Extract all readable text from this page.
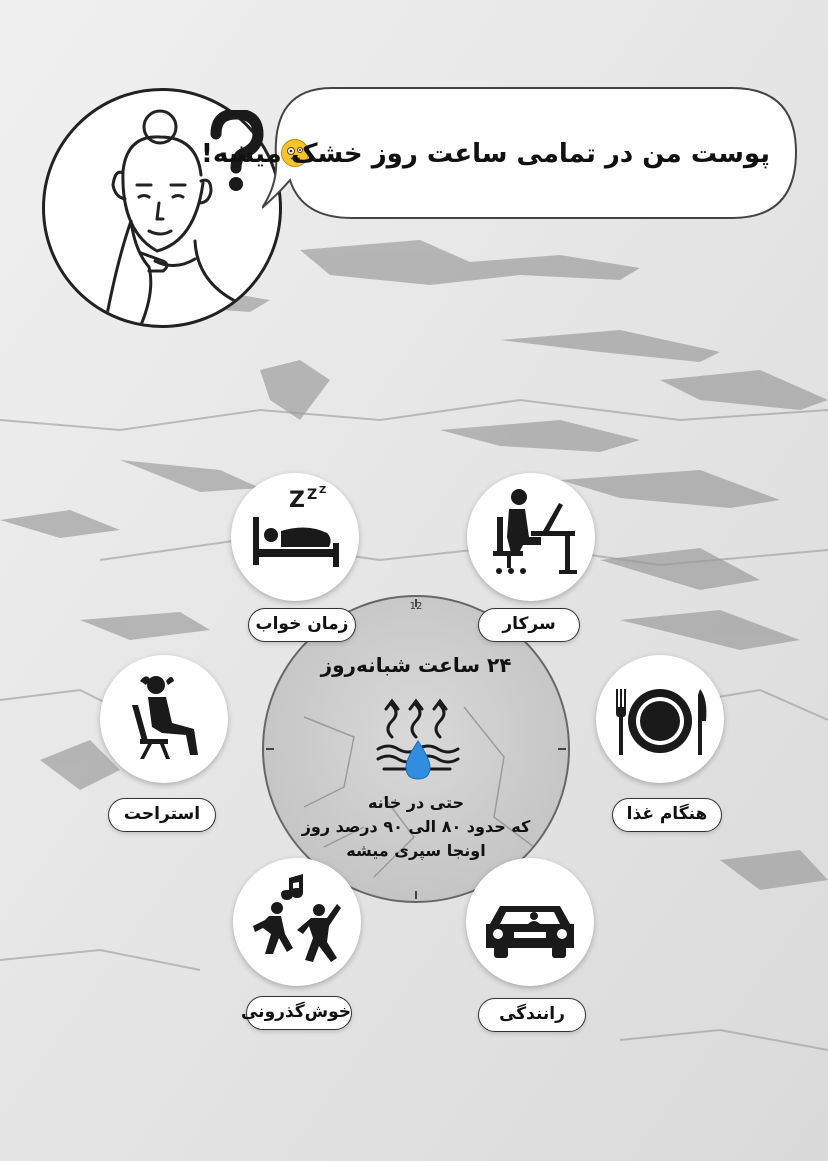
پوست من در تمامی ساعت روز خشک میشه!
12
۲۴ ساعت شبانه‌روز
حتی در خانه
که حدود ۸۰ الی ۹۰ درصد روز
اونجا سپری میشه
Z Z Z
زمان خواب	سرکار
استراحت	هنگام غذا
خوش‌گذرونی	رانندگی
